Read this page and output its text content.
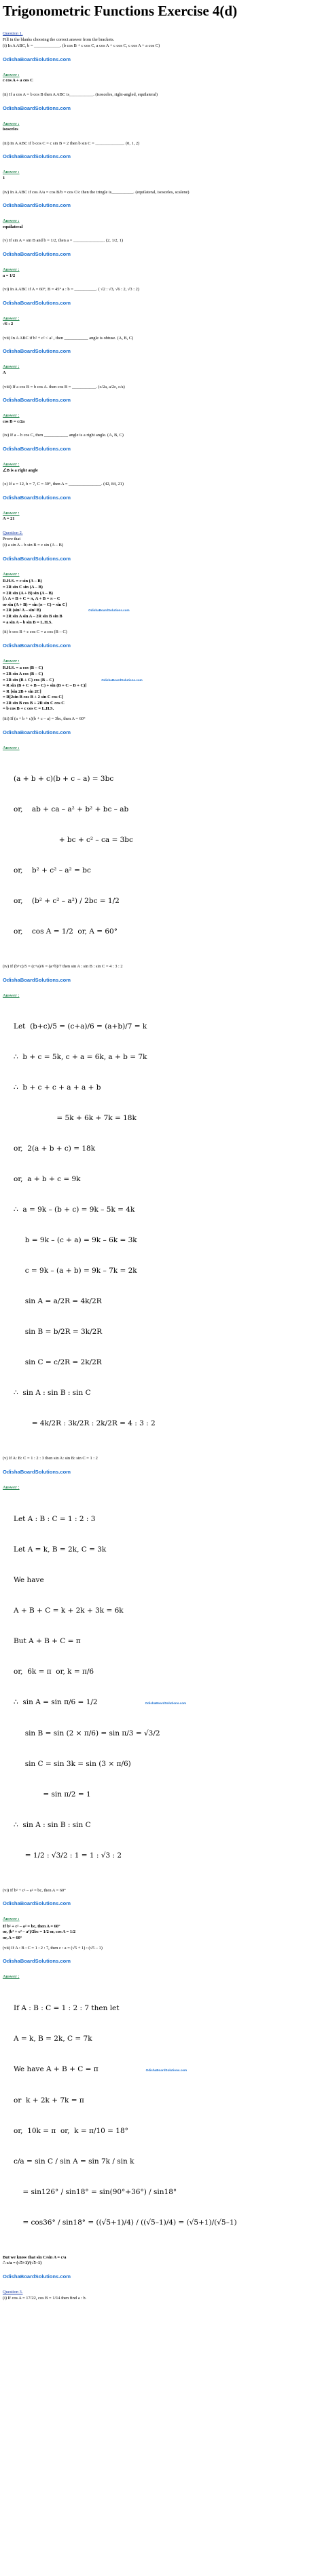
Trigonometric Functions Exercise 4(d)
Question 1.
Fill in the blanks choosing the correct answer from the brackets.
(i) In A ABC, b = ____________. (b cos B + c cos C, a cos A + c cos C, c cos A + a cos C)
OdishaBoardSolutions.com
Answer :
c cos A + a cos C
(ii) If a cos A = b cos B then A ABC is___________. (isosceles, right-angled, equilateral)
OdishaBoardSolutions.com
Answer :
isosceles
(iii) In A ABC if b cos C = c sin B = 2 then b sin C = _____________. (0, 1, 2)
OdishaBoardSolutions.com
Answer :
1
(iv) In A ABC if cos A/a = cos B/b = cos C/c then the tringle is__________. (equilateral, isosceles, scalene)
OdishaBoardSolutions.com
Answer :
equilateral
(v) If sin A = sin B and b = 1/2, then a = ______________. (2, 1/2, 1)
OdishaBoardSolutions.com
Answer :
a = 1/2
(vi) In A ABC if A = 60°, B = 45° a : b = __________. ( √2 : √3, √6 : 2, √3 : 2)
OdishaBoardSolutions.com
Answer :
√6 : 2
(vii) In A ABC if b² + c² < a² , then ___________ angle is obtuse. (A, B, C)
OdishaBoardSolutions.com
Answer :
A
(viii) If a cos B = b cos A. then cos B = ___________. (c/2a, a/2c, c/a)
OdishaBoardSolutions.com
Answer :
cos B = c/2a
(ix) If a – b cos C, then ___________ angle is a right angle. (A, B, C)
OdishaBoardSolutions.com
Answer :
∠B is a right angle
(x) If a = 12, b = 7, C = 30°, then A = _______________. (42, 84, 21)
OdishaBoardSolutions.com
Answer :
A = 21
Question 2.
Prove that
(i) a sin A – b sin B = c sin (A – B)
OdishaBoardSolutions.com
Answer :
R.H.S. = c sin (A – B)
= 2R sin C sin (A – B)
= 2R sin (A + B) sin (A – B)
[∴ A + B + C = π, A + B = π – C
or sin (A + B) = sin (π – C) = sin C]
= 2R (sin² A – sin² B)	OdishaBoardSolutions.com
= 2R sin A sin A – 2R sin B sin B
= a sin A – b sin B = L.H.S.
(ii) b cos B + c cos C = a cos (B – C)
OdishaBoardSolutions.com
Answer :
R.H.S. = a cos (B – C)
= 2R sin A cos (B – C)
= 2R sin (B + C) cos (B – C)	OdishaBoardSolutions.com
= R sin (B + C + B – C) + sin (B + C – B + C)]
= R [sin 2B + sin 2C]
= R[2sin B cos B + 2 sin C cos C]
= 2R sin B cos B + 2R sin C cos C
= b cos B + c cos C = L.H.S.
(iii) If (a + b + c)(b + c – a) = 3bc, then A = 60°
OdishaBoardSolutions.com
Answer :

(a + b + c)(b + c – a) = 3bc

or,    ab + ca – a² + b² + bc – ab

+ bc + c² – ca = 3bc

or,    b² + c² – a² = bc

or,    (b² + c² – a²) / 2bc = 1/2

or,    cos A = 1/2  or, A = 60°

(iv) If (b+c)/5 = (c+a)/6 = (a+b)/7 then sin A : sin B : sin C = 4 : 3 : 2
OdishaBoardSolutions.com
Answer :

Let  (b+c)/5 = (c+a)/6 = (a+b)/7 = k

∴  b + c = 5k, c + a = 6k, a + b = 7k

∴  b + c + c + a + a + b

= 5k + 6k + 7k = 18k

or,  2(a + b + c) = 18k

or,  a + b + c = 9k

∴  a = 9k – (b + c) = 9k – 5k = 4k

b = 9k – (c + a) = 9k – 6k = 3k

c = 9k – (a + b) = 9k – 7k = 2k

sin A = a/2R = 4k/2R

sin B = b/2R = 3k/2R

sin C = c/2R = 2k/2R

∴  sin A : sin B : sin C

= 4k/2R : 3k/2R : 2k/2R = 4 : 3 : 2

(v) If A: B: C = 1 : 2 : 3 then sin A: sin B: sin C = 1 : 2
OdishaBoardSolutions.com
Answer :

Let A : B : C = 1 : 2 : 3

Let A = k, B = 2k, C = 3k

We have

A + B + C = k + 2k + 3k = 6k

But A + B + C = π

or,  6k = π  or, k = π/6

∴  sin A = sin π/6 = 1/2	OdishaBoardSolutions.com

sin B = sin (2 × π/6) = sin π/3 = √3/2

sin C = sin 3k = sin (3 × π/6)

= sin π/2 = 1

∴  sin A : sin B : sin C

= 1/2 : √3/2 : 1 = 1 : √3 : 2

(vi) If b² + c² – a² = bc, then A = 60°
OdishaBoardSolutions.com
Answer :
If b² + c² – a² = bc, then A = 60°
or, (b² + c² – a²)/2bc = 1/2 or, cos A = 1/2
or, A = 60°
(vii) If A : B : C = 1 : 2 : 7, then c : a = (√5 + 1) : (√5 – 1)
OdishaBoardSolutions.com
Answer :

If A : B : C = 1 : 2 : 7 then let

A = k, B = 2k, C = 7k

We have A + B + C = π	OdishaBoardSolutions.com

or  k + 2k + 7k = π

or,  10k = π  or,  k = π/10 = 18°

c/a = sin C / sin A = sin 7k / sin k

= sin126° / sin18° = sin(90°+36°) / sin18°

= cos36° / sin18° = ((√5+1)/4) / ((√5–1)/4) = (√5+1)/(√5–1)

But we know that sin C/sin A = c/a
∴ c/a = (√5+1)/(√5–1)
OdishaBoardSolutions.com
Question 3.
(i) If cos A = 17/22, cos B = 1/14 then find a : b.
